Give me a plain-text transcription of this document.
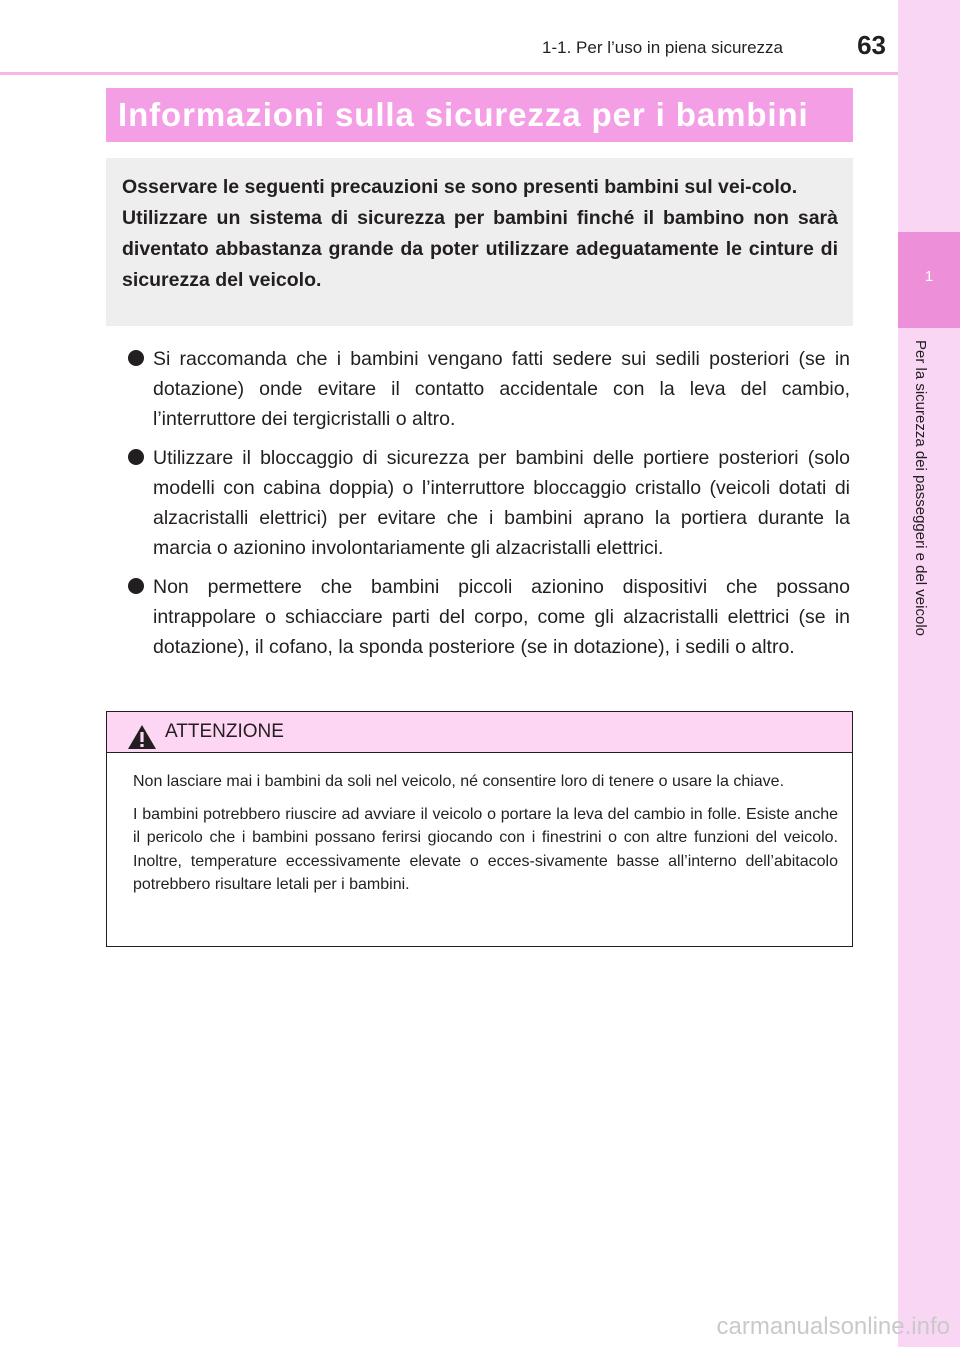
1-1. Per l’uso in piena sicurezza	63
1
Per la sicurezza dei passeggeri e del veicolo
Informazioni sulla sicurezza per i bambini

Osservare le seguenti precauzioni se sono presenti bambini sul vei-colo.

Utilizzare un sistema di sicurezza per bambini finché il bambino non sarà diventato abbastanza grande da poter utilizzare adeguatamente le cinture di sicurezza del veicolo.

Si raccomanda che i bambini vengano fatti sedere sui sedili posteriori (se in dotazione) onde evitare il contatto accidentale con la leva del cambio, l’interruttore dei tergicristalli o altro.
Utilizzare il bloccaggio di sicurezza per bambini delle portiere posteriori (solo modelli con cabina doppia) o l’interruttore bloccaggio cristallo (veicoli dotati di alzacristalli elettrici) per evitare che i bambini aprano la portiera durante la marcia o azionino involontariamente gli alzacristalli elettrici.
Non permettere che bambini piccoli azionino dispositivi che possano intrappolare o schiacciare parti del corpo, come gli alzacristalli elettrici (se in dotazione), il cofano, la sponda posteriore (se in dotazione), i sedili o altro.
ATTENZIONE

Non lasciare mai i bambini da soli nel veicolo, né consentire loro di tenere o usare la chiave.

I bambini potrebbero riuscire ad avviare il veicolo o portare la leva del cambio in folle. Esiste anche il pericolo che i bambini possano ferirsi giocando con i finestrini o con altre funzioni del veicolo. Inoltre, temperature eccessivamente elevate o ecces-sivamente basse all’interno dell’abitacolo potrebbero risultare letali per i bambini.

carmanualsonline.info
